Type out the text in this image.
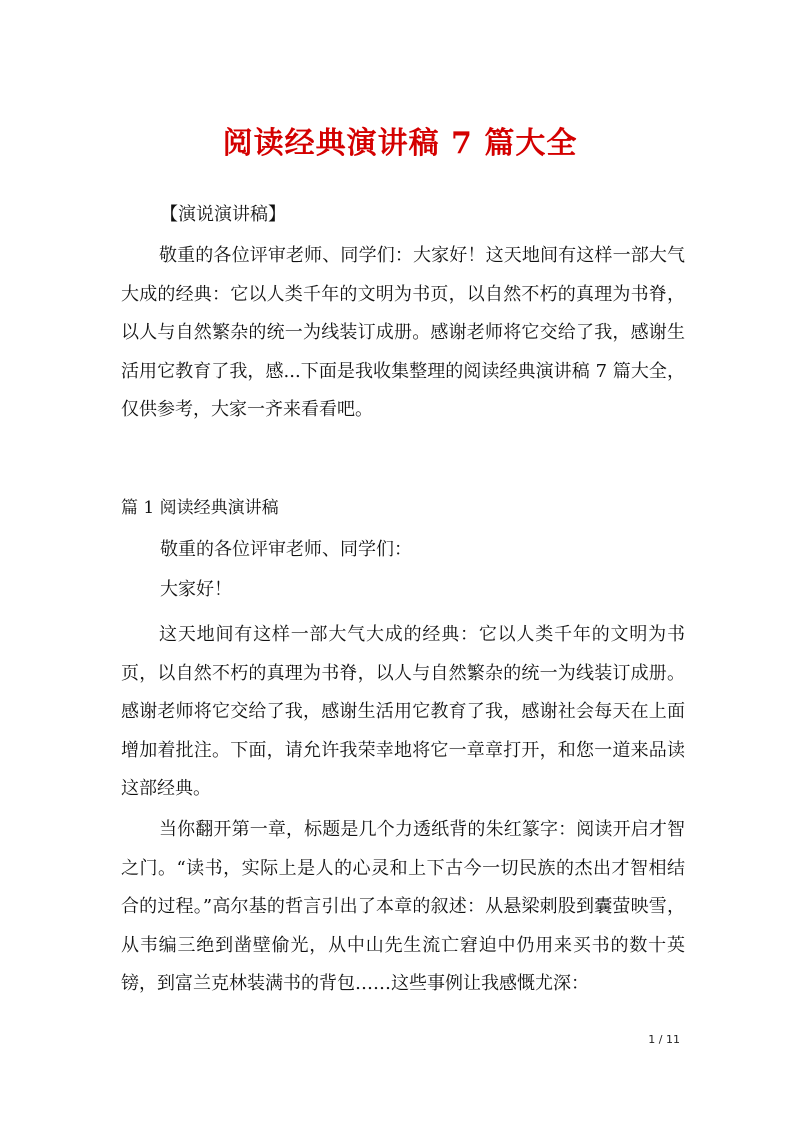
阅读经典演讲稿 7 篇大全
【演说演讲稿】

敬重的各位评审老师、同学们：大家好！这天地间有这样一部大气大成的经典：它以人类千年的文明为书页，以自然不朽的真理为书脊，以人与自然繁杂的统一为线装订成册。感谢老师将它交给了我，感谢生活用它教育了我，感...下面是我收集整理的阅读经典演讲稿 7 篇大全，仅供参考，大家一齐来看看吧。

篇 1 阅读经典演讲稿
敬重的各位评审老师、同学们：
大家好！

这天地间有这样一部大气大成的经典：它以人类千年的文明为书页，以自然不朽的真理为书脊，以人与自然繁杂的统一为线装订成册。感谢老师将它交给了我，感谢生活用它教育了我，感谢社会每天在上面增加着批注。下面，请允许我荣幸地将它一章章打开，和您一道来品读这部经典。

当你翻开第一章，标题是几个力透纸背的朱红篆字：阅读开启才智之门。“读书，实际上是人的心灵和上下古今一切民族的杰出才智相结合的过程。”高尔基的哲言引出了本章的叙述：从悬梁刺股到囊萤映雪，从韦编三绝到凿壁偷光，从中山先生流亡窘迫中仍用来买书的数十英镑，到富兰克林装满书的背包……这些事例让我感慨尤深：

1 / 11
